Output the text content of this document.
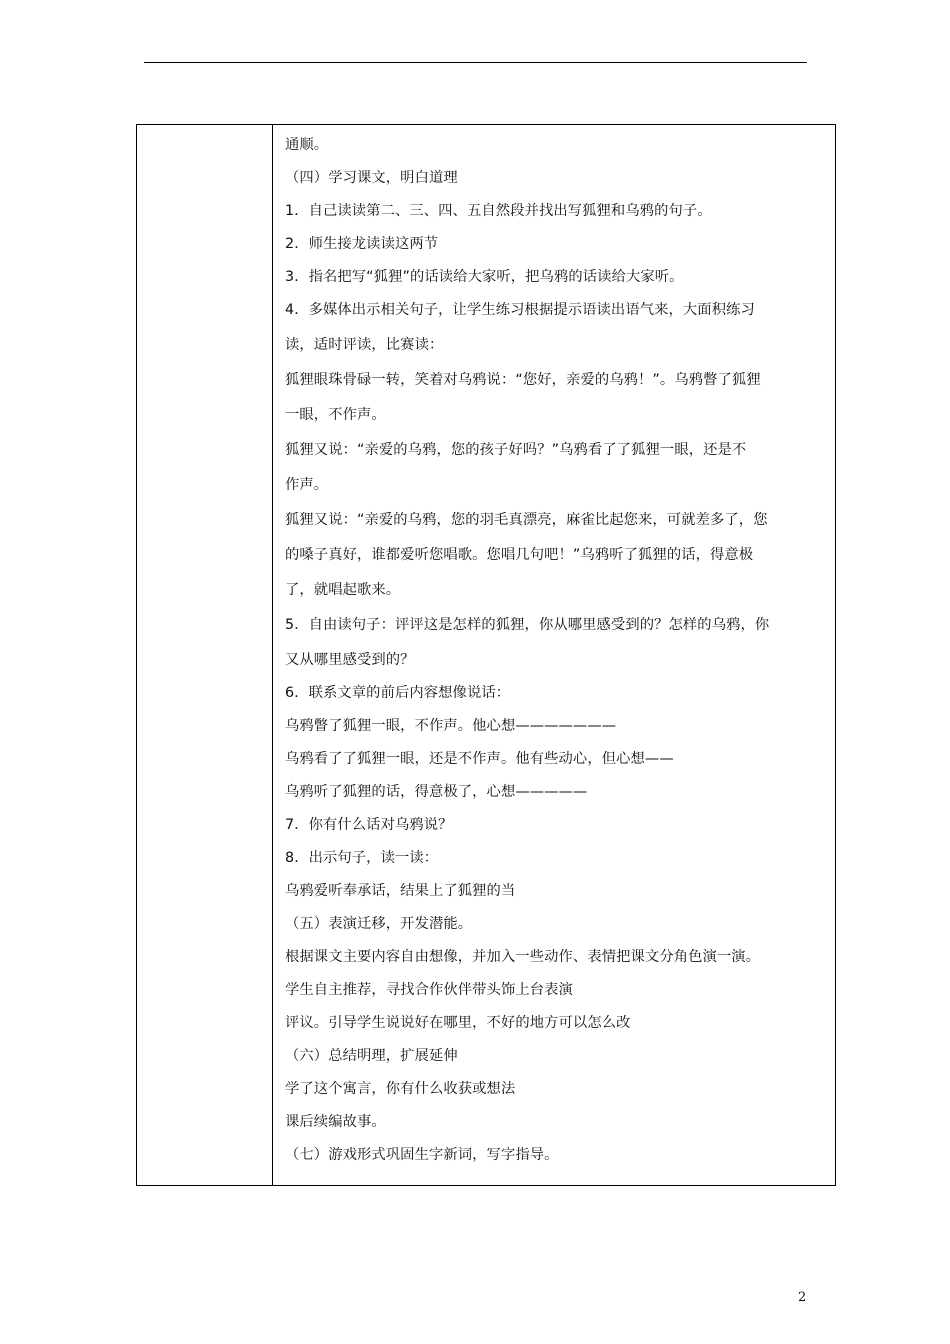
通顺。
（四）学习课文，明白道理
1．自己读读第二、三、四、五自然段并找出写狐狸和乌鸦的句子。
2．师生接龙读读这两节
3．指名把写“狐狸”的话读给大家听，把乌鸦的话读给大家听。
4．多媒体出示相关句子，让学生练习根据提示语读出语气来，大面积练习
读，适时评读，比赛读：
狐狸眼珠骨碌一转，笑着对乌鸦说：“您好，亲爱的乌鸦！”。乌鸦瞥了狐狸
一眼，不作声。
狐狸又说：“亲爱的乌鸦，您的孩子好吗？”乌鸦看了了狐狸一眼，还是不
作声。
狐狸又说：“亲爱的乌鸦，您的羽毛真漂亮，麻雀比起您来，可就差多了，您
的嗓子真好，谁都爱听您唱歌。您唱几句吧！”乌鸦听了狐狸的话，得意极
了，就唱起歌来。
5．自由读句子：评评这是怎样的狐狸，你从哪里感受到的？怎样的乌鸦，你
又从哪里感受到的？
6．联系文章的前后内容想像说话：
乌鸦瞥了狐狸一眼，不作声。他心想———————
乌鸦看了了狐狸一眼，还是不作声。他有些动心，但心想——
乌鸦听了狐狸的话，得意极了，心想—————
7．你有什么话对乌鸦说？
8．出示句子，读一读：
乌鸦爱听奉承话，结果上了狐狸的当
（五）表演迁移，开发潜能。
根据课文主要内容自由想像，并加入一些动作、表情把课文分角色演一演。
学生自主推荐，寻找合作伙伴带头饰上台表演
评议。引导学生说说好在哪里，不好的地方可以怎么改
（六）总结明理，扩展延伸
学了这个寓言，你有什么收获或想法
课后续编故事。
（七）游戏形式巩固生字新词，写字指导。
2
